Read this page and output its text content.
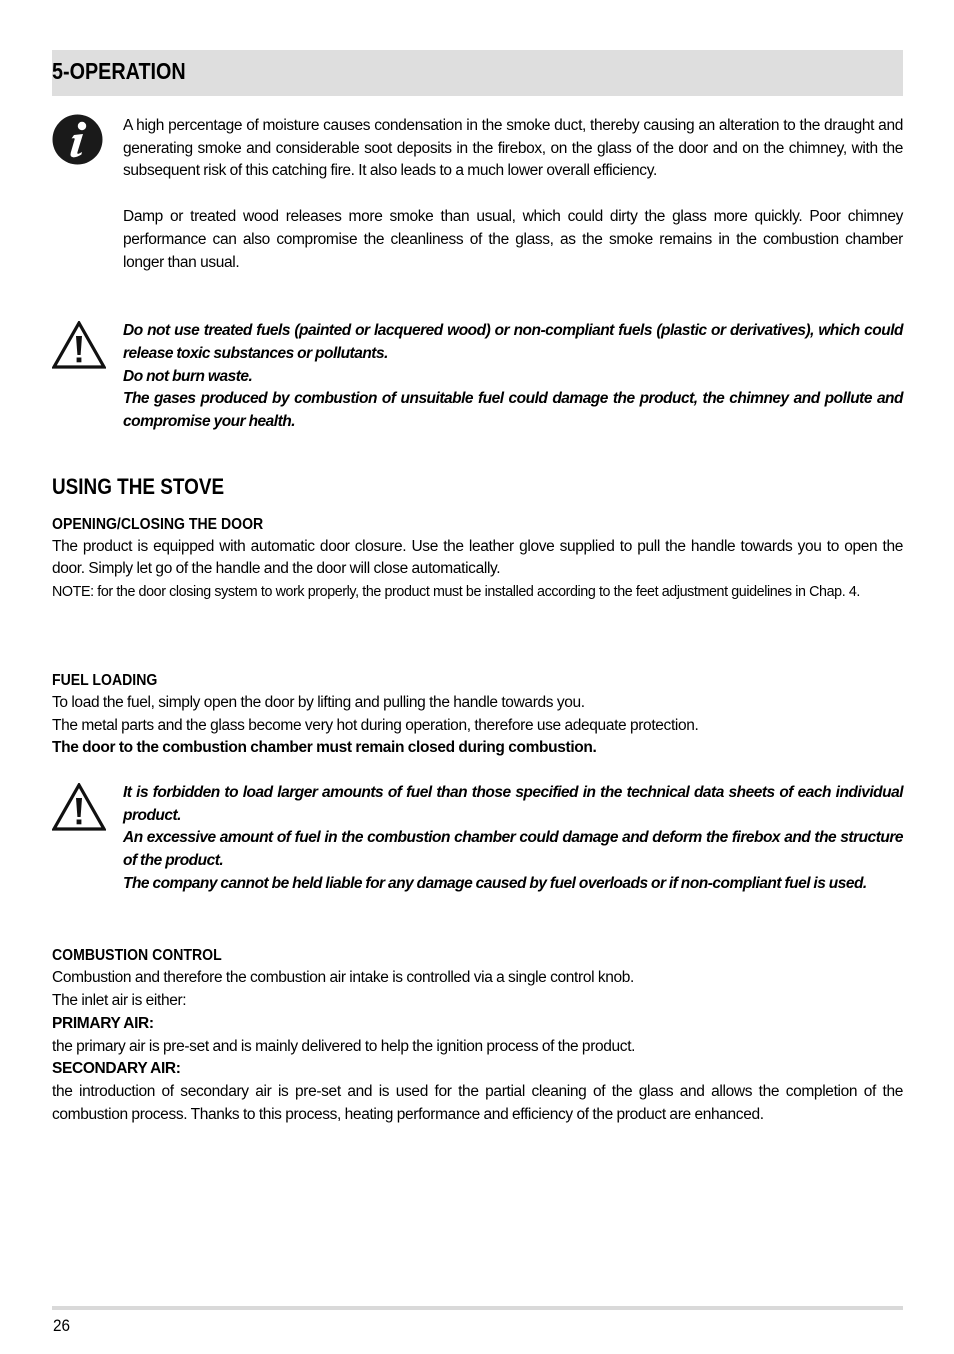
5-OPERATION

A high percentage of moisture causes condensation in the smoke duct, thereby causing an alteration to the draught and generating smoke and considerable soot deposits in the firebox, on the glass of the door and on the chimney, with the subsequent risk of this catching fire. It also leads to a much lower overall efficiency.

Damp or treated wood releases more smoke than usual, which could dirty the glass more quickly. Poor chimney performance can also compromise the cleanliness of the glass, as the smoke remains in the combustion chamber longer than usual.

Do not use treated fuels (painted or lacquered wood) or non-compliant fuels (plastic or derivatives), which could release toxic substances or pollutants.

Do not burn waste.

The gases produced by combustion of unsuitable fuel could damage the product, the chimney and pollute and compromise your health.

USING THE STOVE
OPENING/CLOSING THE DOOR

The product is equipped with automatic door closure. Use the leather glove supplied to pull the handle towards you to open the door. Simply let go of the handle and the door will close automatically.

NOTE: for the door closing system to work properly, the product must be installed according to the feet adjustment guidelines in Chap. 4.

FUEL LOADING

To load the fuel, simply open the door by lifting and pulling the handle towards you.

The metal parts and the glass become very hot during operation, therefore use adequate protection.

The door to the combustion chamber must remain closed during combustion.

It is forbidden to load larger amounts of fuel than those specified in the technical data sheets of each individual product.

An excessive amount of fuel in the combustion chamber could damage and deform the firebox and the structure of the product.

The company cannot be held liable for any damage caused by fuel overloads or if non-compliant fuel is used.

COMBUSTION CONTROL

Combustion and therefore the combustion air intake is controlled via a single control knob.

The inlet air is either:

PRIMARY AIR:

the primary air is pre-set and is mainly delivered to help the ignition process of the product.

SECONDARY AIR:

the introduction of secondary air is pre-set and is used for the partial cleaning of the glass and allows the completion of the combustion process. Thanks to this process, heating performance and efficiency of the product are enhanced.

26
